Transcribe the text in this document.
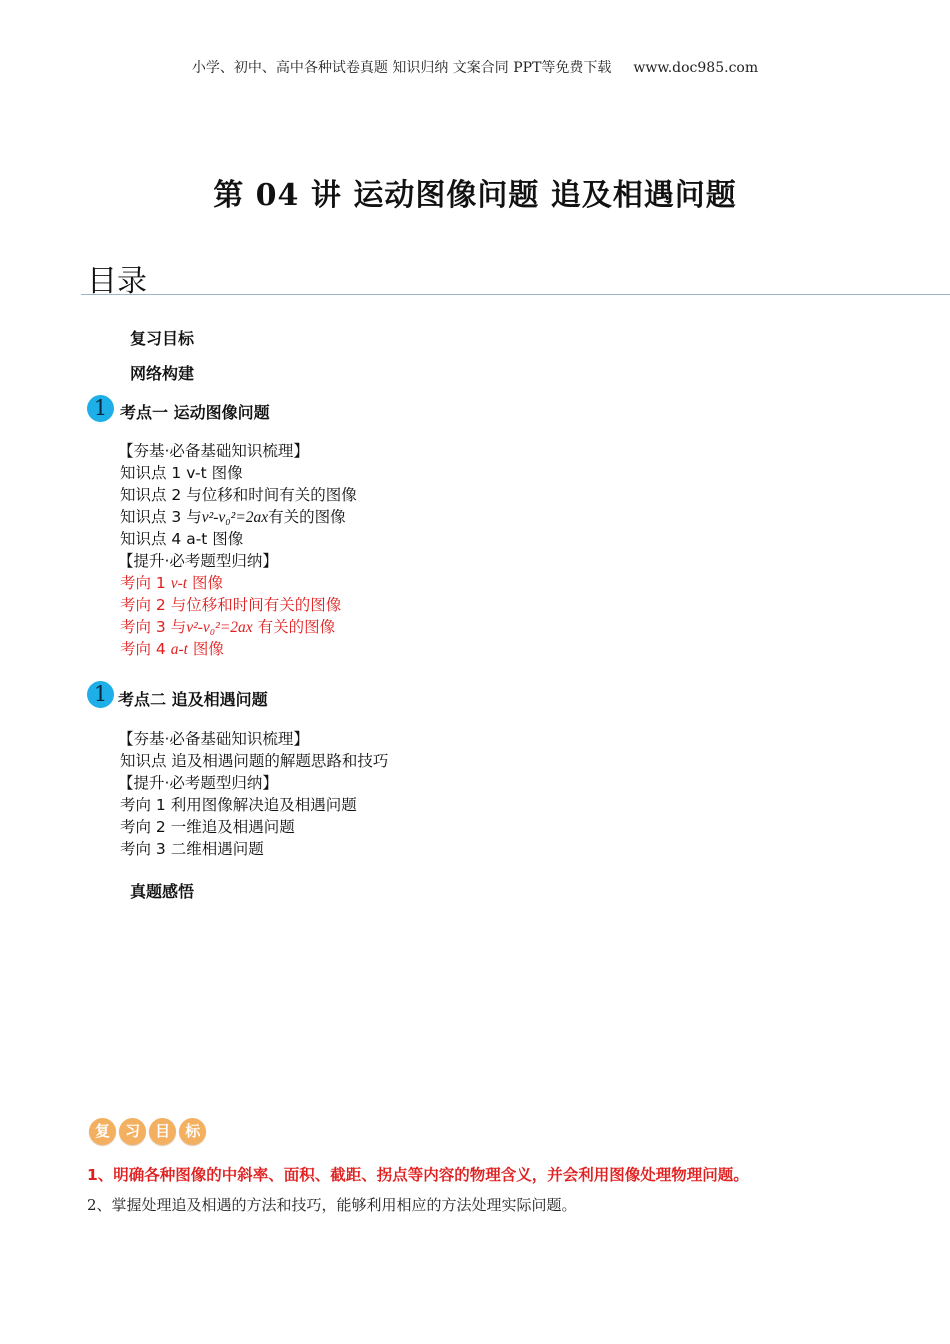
小学、初中、高中各种试卷真题 知识归纳 文案合同 PPT等免费下载 www.doc985.com
第 04 讲 运动图像问题 追及相遇问题
目录
复习目标
网络构建
1 考点一 运动图像问题
【夯基·必备基础知识梳理】
知识点 1 v-t 图像
知识点 2 与位移和时间有关的图像
知识点 3 与v²-v₀²=2ax有关的图像
知识点 4 a-t 图像
【提升·必考题型归纳】
考向 1 v-t 图像
考向 2 与位移和时间有关的图像
考向 3 与v²-v₀²=2ax 有关的图像
考向 4 a-t 图像
1 考点二 追及相遇问题
【夯基·必备基础知识梳理】
知识点 追及相遇问题的解题思路和技巧
【提升·必考题型归纳】
考向 1 利用图像解决追及相遇问题
考向 2 一维追及相遇问题
考向 3 二维相遇问题
真题感悟
复 习 目 标
1、明确各种图像的中斜率、面积、截距、拐点等内容的物理含义，并会利用图像处理物理问题。
2、掌握处理追及相遇的方法和技巧，能够利用相应的方法处理实际问题。
